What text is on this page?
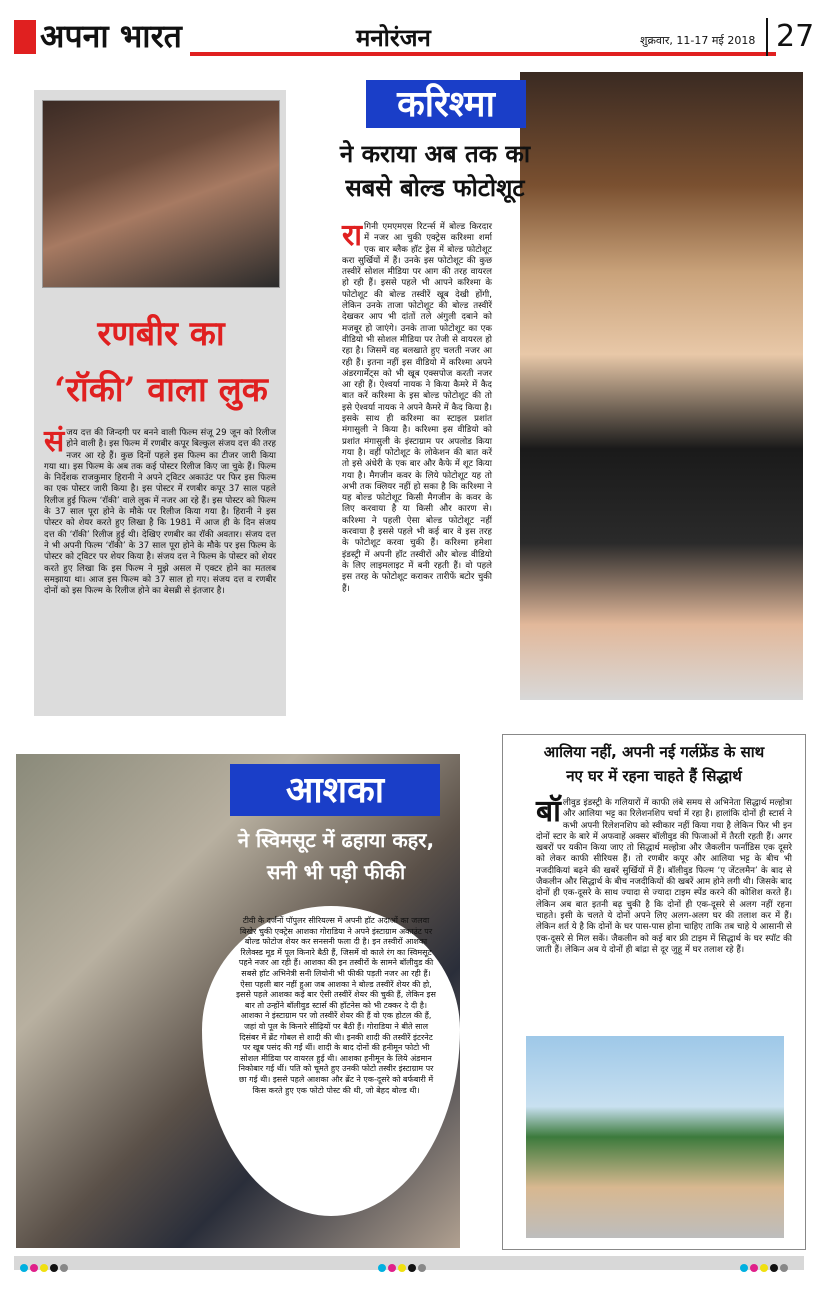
अपना भारत	मनोरंजन	शुक्रवार, 11-17 मई 2018 27
रणबीर का
‘रॉकी’ वाला लुक
संजय दत्त की जिन्दगी पर बनने वाली फिल्म संजू 29 जून को रिलीज होने वाली है। इस फिल्म में रणबीर कपूर बिल्कुल संजय दत्त की तरह नजर आ रहे हैं। कुछ दिनों पहले इस फिल्म का टीजर जारी किया गया था। इस फिल्म के अब तक कई पोस्टर रिलीज किए जा चुके हैं। फिल्म के निर्देशक राजकुमार हिरानी ने अपने ट्विटर अकाउंट पर फिर इस फिल्म का एक पोस्टर जारी किया है। इस पोस्टर में रणबीर कपूर 37 साल पहले रिलीज हुई फिल्म ‘रॉकी’ वाले लुक में नजर आ रहे हैं। इस पोस्टर को फिल्म के 37 साल पूरा होने के मौके पर रिलीज किया गया है। हिरानी ने इस पोस्टर को शेयर करते हुए लिखा है कि 1981 में आज ही के दिन संजय दत्त की ‘रॉकी’ रिलीज हुई थी। देखिए रणबीर का रॉकी अवतार। संजय दत्त ने भी अपनी फिल्म ‘रॉकी’ के 37 साल पूरा होने के मौके पर इस फिल्म के पोस्टर को ट्विटर पर शेयर किया है। संजय दत्त ने फिल्म के पोस्टर को शेयर करते हुए लिखा कि इस फिल्म ने मुझे असल में एक्टर होने का मतलब समझाया था। आज इस फिल्म को 37 साल हो गए। संजय दत्त व रणबीर दोनों को इस फिल्म के रिलीज होने का बेसब्री से इंतजार है।
करिश्मा
ने कराया अब तक का
सबसे बोल्ड फोटोशूट
रागिनी एमएमएस रिटर्न्स में बोल्ड किरदार में नजर आ चुकी एक्ट्रेस करिश्मा शर्मा एक बार ब्लैक हॉट ड्रेस में बोल्ड फोटोशूट करा सुर्खियों में हैं। उनके इस फोटोशूट की कुछ तस्वीरें सोशल मीडिया पर आग की तरह वायरल हो रही हैं। इससे पहले भी आपने करिश्मा के फोटोशूट की बोल्ड तस्वीरें खूब देखी होंगी, लेकिन उनके ताजा फोटोशूट की बोल्ड तस्वीरें देखकर आप भी दांतों तले अंगुली दबाने को मजबूर हो जाएंगे। उनके ताजा फोटोशूट का एक वीडियो भी सोशल मीडिया पर तेजी से वायरल हो रहा है। जिसमें वह बलखाते हुए चलती नजर आ रही हैं। इतना नहीं इस वीडियो में करिश्मा अपने अंडरगार्मेंट्स को भी खूब एक्सपोज करती नजर आ रही हैं। ऐश्वर्या नायक ने किया कैमरे में कैद बात करें करिश्मा के इस बोल्ड फोटोशूट की तो इसे ऐश्वर्या नायक ने अपने कैमरे में कैद किया है। इसके साथ ही करिश्मा का स्टाइल प्रशांत मंगासुली ने किया है। करिश्मा इस वीडियो को प्रशांत मंगासुली के इंस्टाग्राम पर अपलोड किया गया है। वहीं फोटोशूट के लोकेशन की बात करें तो इसे अंधेरी के एक बार और कैफे में शूट किया गया है। मैगजीन कवर के लिये फोटोशूट यह तो अभी तक क्लियर नहीं हो सका है कि करिश्मा ने यह बोल्ड फोटोशूट किसी मैगजीन के कवर के लिए करवाया है या किसी और कारण से। करिश्मा ने पहली ऐसा बोल्ड फोटोशूट नहीं करवाया है इससे पहले भी कई बार वे इस तरह के फोटोशूट करवा चुकी हैं। करिश्मा हमेशा इंडस्ट्री में अपनी हॉट तस्वीरों और बोल्ड वीडियो के लिए लाइमलाइट में बनी रहती हैं। वो पहले इस तरह के फोटोशूट कराकर तारीफें बटोर चुकी हैं।
आशका
ने स्विमसूट में ढहाया कहर,
सनी भी पड़ी फीकी
टीवी के दर्जनों पॉपुलर सीरियल्स में अपनी हॉट अदाओं का जलवा बिखेर चुकी एक्ट्रेस आशका गोराडिया ने अपने इंस्टाग्राम अकाउंट पर बोल्ड फोटोज शेयर कर सनसनी फला दी है। इन तस्वीरों आशका रिलेक्स्ड मूड में पूल किनारे बैठी हैं, जिसमें वो काले रंग का स्विमसूट पहने नजर आ रही हैं। आशका की इन तस्वीरों के सामने बॉलीवुड की सबसे हॉट अभिनेत्री सनी लियोनी भी फीकी पड़ती नजर आ रही हैं। ऐसा पहली बार नहीं हुआ जब आशका ने बोल्ड तस्वीरें शेयर की हो, इससे पहले आशका कई बार ऐसी तस्वीरें शेयर की चुकी हैं, लेकिन इस बार तो उन्होंने बॉलीवुड स्टार्स की हॉटनेस को भी टक्कर दे दी है। आशका ने इंस्टाग्राम पर जो तस्वीरें शेयर की हैं वो एक होटल की हैं, जहां वो पूल के किनारे सीढ़ियों पर बैठी हैं। गोराडिया ने बीते साल दिसंबर में ब्रेंट गोबल से शादी की थी। इनकी शादी की तस्वीरें इंटरनेट पर खूब पसंद की गईं थीं। शादी के बाद दोनों की हनीमून फोटो भी सोशल मीडिया पर वायरल हुई थी। आशका हनीमून के लिये अंडमान निकोबार गई थीं। पति को चूमते हुए उनकी फोटो तस्वीर इंस्टाग्राम पर छा गई थी। इससे पहले आशका और ब्रेंट ने एक-दूसरे को बर्फबारी में किस करते हुए एक फोटो पोस्ट की थी, जो बेहद बोल्ड थी।
आलिया नहीं, अपनी नई गर्लफ्रेंड के साथ
नए घर में रहना चाहते हैं सिद्धार्थ
बॉलीवुड इंडस्ट्री के गलियारों में काफी लंबे समय से अभिनेता सिद्धार्थ मल्होत्रा और आलिया भट्ट का रिलेशनशिप चर्चा में रहा है। हालांकि दोनों ही स्टार्स ने कभी अपनी रिलेशनशिप को स्वीकार नहीं किया गया है लेकिन फिर भी इन दोनों स्टार के बारे में अफवाहें अक्सर बॉलीवुड की फिजाओं में तैरती रहती हैं। अगर खबरों पर यकीन किया जाए तो सिद्धार्थ मल्होत्रा और जैकलीन फर्नांडिस एक दूसरे को लेकर काफी सीरियस हैं। तो रणबीर कपूर और आलिया भट्ट के बीच भी नजदीकियां बढ़ने की खबरें सुर्खियों में हैं। बॉलीवुड फिल्म ‘ए जेंटलमैन’ के बाद से जैकलीन और सिद्धार्थ के बीच नजदीकियों की खबरें आम होने लगी थी। जिसके बाद दोनों ही एक-दूसरे के साथ ज्यादा से ज्यादा टाइम स्पेंड करने की कोशिश करते हैं। लेकिन अब बात इतनी बढ़ चुकी है कि दोनों ही एक-दूसरे से अलग नहीं रहना चाहते। इसी के चलते ये दोनों अपने लिए अलग-अलग घर की तलाश कर में हैं। लेकिन शर्त ये है कि दोनों के घर पास-पास होना चाहिए ताकि तब चाहे ये आसानी से एक-दूसरे से मिल सकें। जैकलीन को कई बार फ्री टाइम में सिद्धार्थ के घर स्पॉट की जाती हैं। लेकिन अब ये दोनों ही बांद्रा से दूर जुहू में घर तलाश रहे हैं।
